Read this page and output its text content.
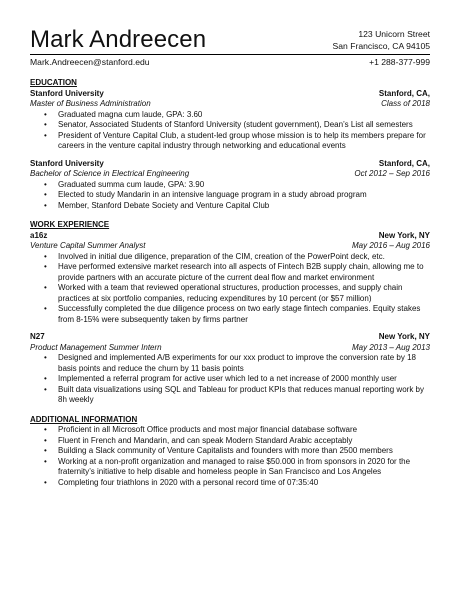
Mark Andreecen	123 Unicorn Street
San Francisco, CA 94105
Mark.Andreecen@stanford.edu	+1 288-377-999
EDUCATION
Stanford University	Stanford, CA,
Master of Business Administration	Class of 2018
• Graduated magna cum laude, GPA: 3.60
• Senator, Associated Students of Stanford University (student government), Dean’s List all semesters
• President of Venture Capital Club, a student-led group whose mission is to help its members prepare for careers in the venture capital industry through networking and educational events
Stanford University	Stanford, CA,
Bachelor of Science in Electrical Engineering	Oct 2012 – Sep 2016
• Graduated summa cum laude, GPA: 3.90
• Elected to study Mandarin in an intensive language program in a study abroad program
• Member, Stanford Debate Society and Venture Capital Club
WORK EXPERIENCE
a16z	New York, NY
Venture Capital Summer Analyst	May 2016 – Aug 2016
• Involved in initial due diligence, preparation of the CIM, creation of the PowerPoint deck, etc.
• Have performed extensive market research into all aspects of Fintech B2B supply chain, allowing me to provide partners with an accurate picture of the current deal flow and market environment
• Worked with a team that reviewed operational structures, production processes, and supply chain practices at six portfolio companies, reducing expenditures by 10 percent (or $57 million)
• Successfully completed the due diligence process on two early stage fintech companies. Equity stakes from 8-15% were subsequently taken by firms partner
N27	New York, NY
Product Management Summer Intern	May 2013 – Aug 2013
• Designed and implemented A/B experiments for our xxx product to improve the conversion rate by 18 basis points and reduce the churn by 11 basis points
• Implemented a referral program for active user which led to a net increase of 2000 monthly user
• Built data visualizations using SQL and Tableau for product KPIs that reduces manual reporting work by 8h weekly
ADDITIONAL INFORMATION
• Proficient in all Microsoft Office products and most major financial database software
• Fluent in French and Mandarin, and can speak Modern Standard Arabic acceptably
• Building a Slack community of Venture Capitalists and founders with more than 2500 members
• Working at a non-profit organization and managed to raise $50.000 in from sponsors in 2020 for the fraternity’s initiative to help disable and homeless people in San Francisco and Los Angeles
• Completing four triathlons in 2020 with a personal record time of 07:35:40
